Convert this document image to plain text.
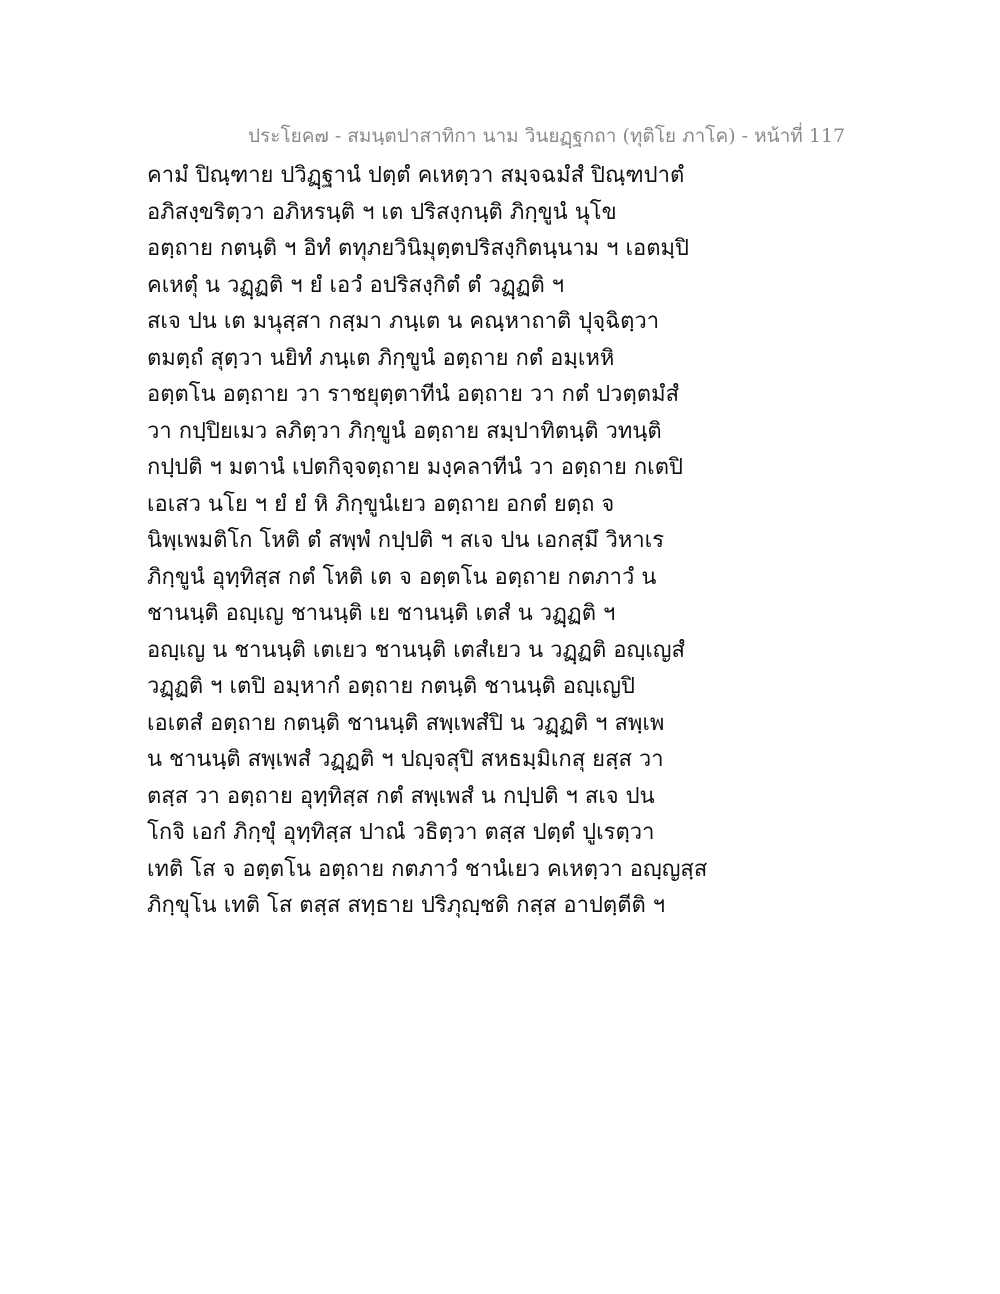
ประโยค๗ - สมนฺตปาสาทิกา นาม วินยฏฺฐกถา (ทุติโย ภาโค) - หน้าที่ 117
คามํ ปิณฺฑาย ปวิฏฺฐานํ ปตฺตํ คเหตฺวา สมฺจฉมํสํ ปิณฺฑปาตํ
อภิสงฺขริตฺวา อภิหรนฺติ ฯ เต ปริสงฺกนฺติ ภิกฺขูนํ นุโข
อตฺถาย กตนฺติ ฯ อิทํ ตทุภยวินิมุตฺตปริสงฺกิตนฺนาม ฯ เอตมฺปิ
คเหตุํ น วฏฺฏติ ฯ ยํ เอวํ อปริสงฺกิตํ ตํ วฏฺฏติ ฯ
สเจ ปน เต มนุสฺสา กสฺมา ภนฺเต น คณฺหาถาติ ปุจฺฉิตฺวา
ตมตฺถํ สุตฺวา นยิทํ ภนฺเต ภิกฺขูนํ อตฺถาย กตํ อมฺเหหิ
อตฺตโน อตฺถาย วา ราชยุตฺตาทีนํ อตฺถาย วา กตํ ปวตฺตมํสํ
วา กปฺปิยเมว ลภิตฺวา ภิกฺขูนํ อตฺถาย สมฺปาทิตนฺติ วทนฺติ
กปฺปติ ฯ มตานํ เปตกิจฺจตฺถาย มงฺคลาทีนํ วา อตฺถาย กเตปิ
เอเสว นโย ฯ ยํ ยํ หิ ภิกฺขูนํเยว อตฺถาย อกตํ ยตฺถ จ
นิพฺเพมติโก โหติ ตํ สพฺพํ กปฺปติ ฯ สเจ ปน เอกสฺมึ วิหาเร
ภิกฺขูนํ อุทฺทิสฺส กตํ โหติ เต จ อตฺตโน อตฺถาย กตภาวํ น
ชานนฺติ อญฺเญ ชานนฺติ เย ชานนฺติ เตสํ น วฏฺฏติ ฯ
อญฺเญ น ชานนฺติ เตเยว ชานนฺติ เตสํเยว น วฏฺฏติ อญฺเญสํ
วฏฺฏติ ฯ เตปิ อมฺหากํ อตฺถาย กตนฺติ ชานนฺติ อญฺเญปิ
เอเตสํ อตฺถาย กตนฺติ ชานนฺติ สพฺเพสํปิ น วฏฺฏติ ฯ สพฺเพ
น ชานนฺติ สพฺเพสํ วฏฺฏติ ฯ ปญฺจสุปิ สหธมฺมิเกสุ ยสฺส วา
ตสฺส วา อตฺถาย อุทฺทิสฺส กตํ สพฺเพสํ น กปฺปติ ฯ สเจ ปน
โกจิ เอกํ ภิกฺขุํ อุทฺทิสฺส ปาณํ วธิตฺวา ตสฺส ปตฺตํ ปูเรตฺวา
เทติ โส จ อตฺตโน อตฺถาย กตภาวํ ชานํเยว คเหตฺวา อญฺญสฺส
ภิกฺขุโน เทติ โส ตสฺส สทฺธาย ปริภุญฺชติ กสฺส อาปตฺตีติ ฯ
